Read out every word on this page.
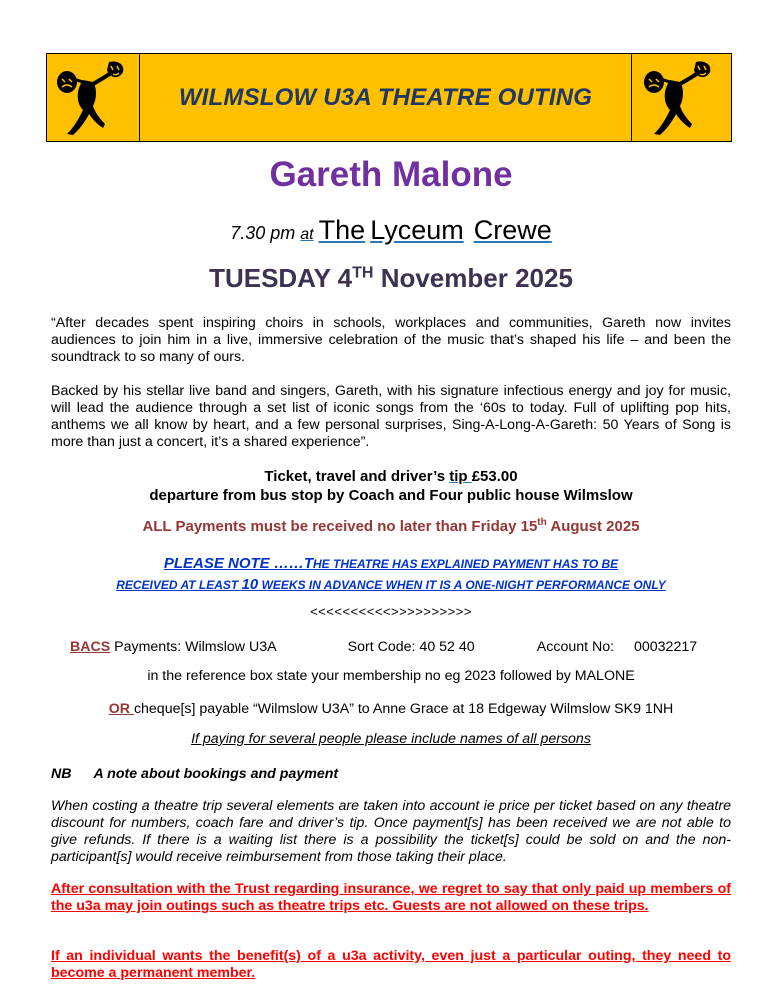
WILMSLOW U3A THEATRE OUTING
Gareth Malone
7.30 pm at The Lyceum Crewe
TUESDAY 4TH November 2025
“After decades spent inspiring choirs in schools, workplaces and communities, Gareth now invites audiences to join him in a live, immersive celebration of the music that’s shaped his life – and been the soundtrack to so many of ours.
Backed by his stellar live band and singers, Gareth, with his signature infectious energy and joy for music, will lead the audience through a set list of iconic songs from the ‘60s to today. Full of uplifting pop hits, anthems we all know by heart, and a few personal surprises, Sing-A-Long-A-Gareth: 50 Years of Song is more than just a concert, it’s a shared experience”.
Ticket, travel and driver’s tip £53.00
departure from bus stop by Coach and Four public house Wilmslow
ALL Payments must be received no later than Friday 15th August 2025
PLEASE NOTE ……THE THEATRE HAS EXPLAINED PAYMENT HAS TO BE
RECEIVED AT LEAST 10 WEEKS IN ADVANCE WHEN IT IS A ONE-NIGHT PERFORMANCE ONLY
<<<<<<<<<<>>>>>>>>>>
BACS Payments: Wilmslow U3A	Sort Code: 40 52 40	Account No: 00032217
in the reference box state your membership no eg 2023 followed by MALONE
OR cheque[s] payable “Wilmslow U3A” to Anne Grace at 18 Edgeway Wilmslow SK9 1NH
If paying for several people please include names of all persons
NB A note about bookings and payment
When costing a theatre trip several elements are taken into account ie price per ticket based on any theatre discount for numbers, coach fare and driver’s tip. Once payment[s] has been received we are not able to give refunds. If there is a waiting list there is a possibility the ticket[s] could be sold on and the non-participant[s] would receive reimbursement from those taking their place.
After consultation with the Trust regarding insurance, we regret to say that only paid up members of the u3a may join outings such as theatre trips etc. Guests are not allowed on these trips.
If an individual wants the benefit(s) of a u3a activity, even just a particular outing, they need to become a permanent member.
